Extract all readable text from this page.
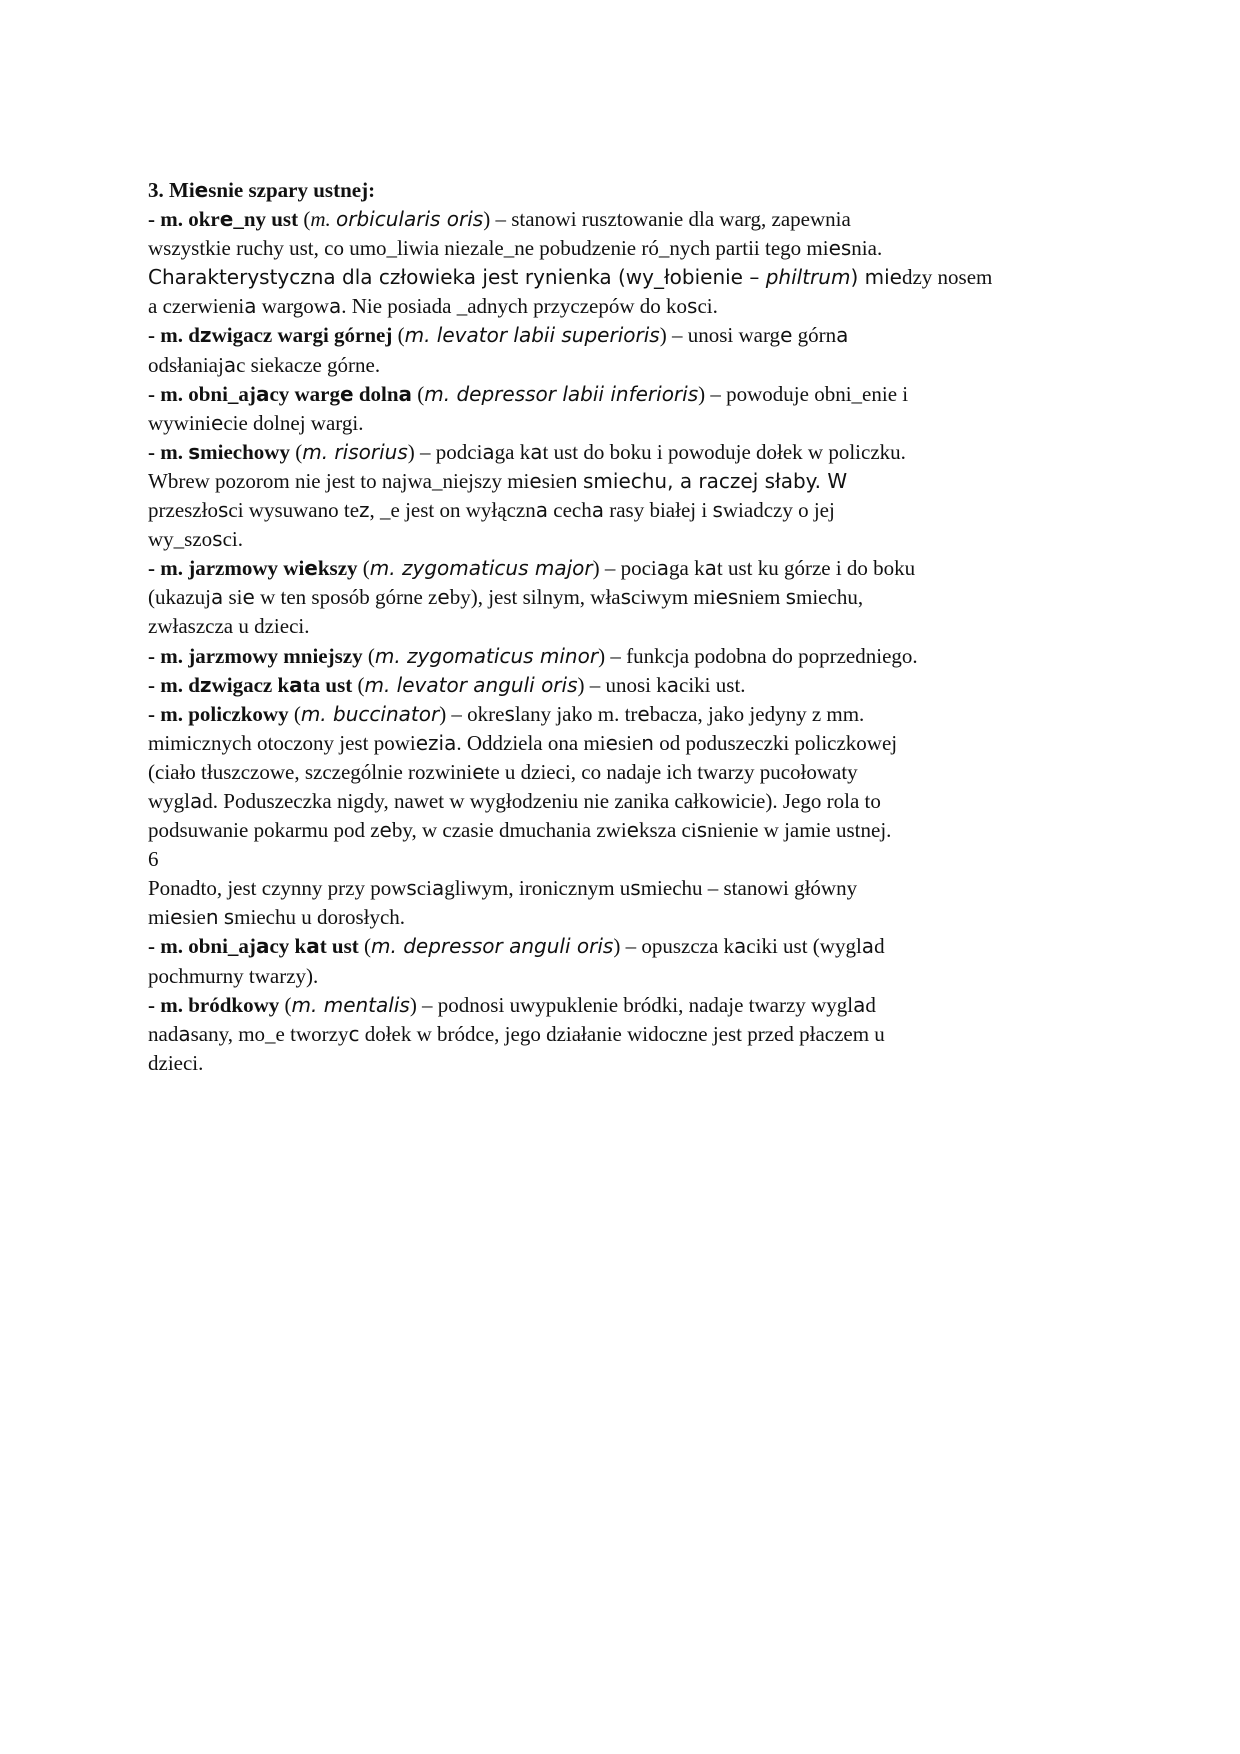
3. Miesnie szpary ustnej:
- m. okre_ny ust (m. orbicularis oris) – stanowi rusztowanie dla warg, zapewnia
wszystkie ruchy ust, co umo_liwia niezale_ne pobudzenie ró_nych partii tego miesnia.
Charakterystyczna dla człowieka jest rynienka (wy_łobienie – philtrum) miedzy nosem
a czerwienia wargowa. Nie posiada _adnych przyczepów do kosci.
- m. dzwigacz wargi górnej (m. levator labii superioris) – unosi warge górna
odsłaniajac siekacze górne.
- m. obni_ajacy warge dolna (m. depressor labii inferioris) – powoduje obni_enie i
wywiniecie dolnej wargi.
- m. smiechowy (m. risorius) – podciaga kat ust do boku i powoduje dołek w policzku.
Wbrew pozorom nie jest to najwa_niejszy miesien smiechu, a raczej słaby. W
przeszłosci wysuwano tez, _e jest on wyłączna cecha rasy białej i swiadczy o jej
wy_szosci.
- m. jarzmowy wiekszy (m. zygomaticus major) – pociaga kat ust ku górze i do boku
(ukazuja sie w ten sposób górne zeby), jest silnym, własciwym miesniem smiechu,
zwłaszcza u dzieci.
- m. jarzmowy mniejszy (m. zygomaticus minor) – funkcja podobna do poprzedniego.
- m. dzwigacz kata ust (m. levator anguli oris) – unosi kaciki ust.
- m. policzkowy (m. buccinator) – okreslany jako m. trebacza, jako jedyny z mm.
mimicznych otoczony jest powiezia. Oddziela ona miesien od poduszeczki policzkowej
(ciało tłuszczowe, szczególnie rozwiniete u dzieci, co nadaje ich twarzy pucołowaty
wyglad. Poduszeczka nigdy, nawet w wygłodzeniu nie zanika całkowicie). Jego rola to
podsuwanie pokarmu pod zeby, w czasie dmuchania zwieksza cisnienie w jamie ustnej.
6
Ponadto, jest czynny przy powsciagliwym, ironicznym usmiechu – stanowi główny
miesien smiechu u dorosłych.
- m. obni_ajacy kat ust (m. depressor anguli oris) – opuszcza kaciki ust (wyglad
pochmurny twarzy).
- m. bródkowy (m. mentalis) – podnosi uwypuklenie bródki, nadaje twarzy wyglad
nadasany, mo_e tworzyc dołek w bródce, jego działanie widoczne jest przed płaczem u
dzieci.
